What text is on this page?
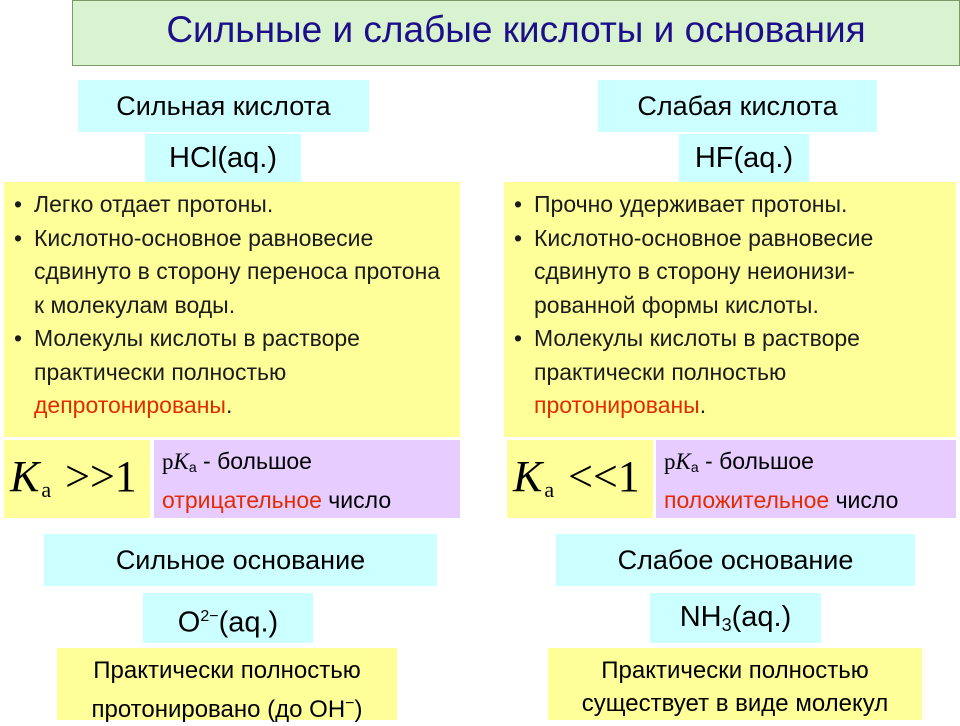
Сильные и слабые кислоты и основания
Сильная кислота
HCl(aq.)
• Легко отдает протоны.
• Кислотно-основное равновесие сдвинуто в сторону переноса протона к молекулам воды.
• Молекулы кислоты в растворе практически полностью депротонированы.
$K_a >>1$	pKa - большое
отрицательное число
Сильное основание
$O^{2-}(aq.)$
Практически полностью
протонировано (до OH−)
Слабая кислота
HF(aq.)
• Прочно удерживает протоны.
• Кислотно-основное равновесие сдвинуто в сторону неионизи-рованной формы кислоты.
• Молекулы кислоты в растворе практически полностью протонированы.
$K_a <<1$	pKa - большое
положительное число
Слабое основание
$NH_3(aq.)$
Практически полностью
существует в виде молекул
